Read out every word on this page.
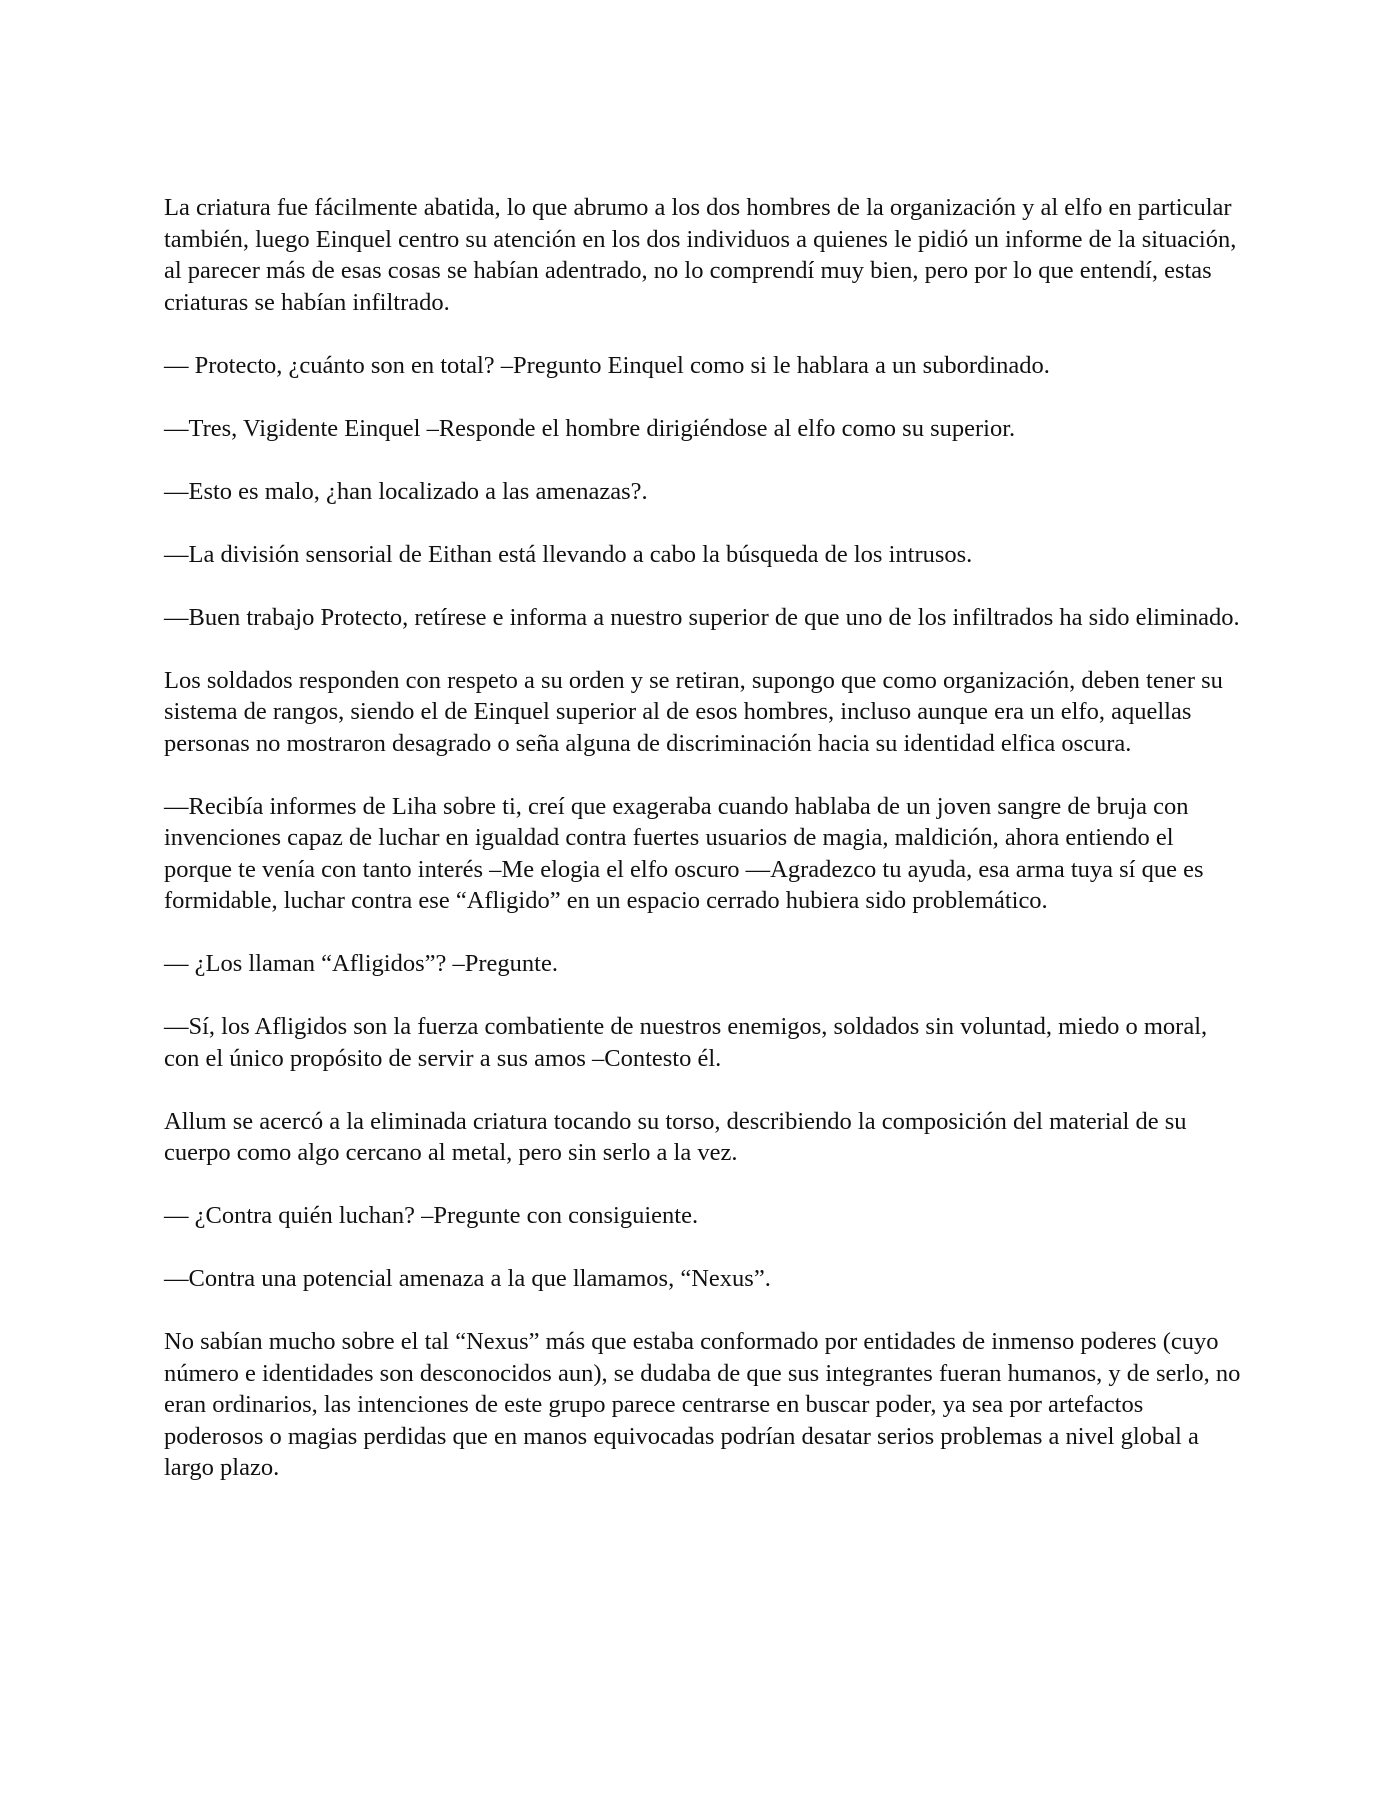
La criatura fue fácilmente abatida, lo que abrumo a los dos hombres de la organización y al elfo en particular también, luego Einquel centro su atención en los dos individuos a quienes le pidió un informe de la situación, al parecer más de esas cosas se habían adentrado, no lo comprendí muy bien, pero por lo que entendí, estas criaturas se habían infiltrado.

— Protecto, ¿cuánto son en total? –Pregunto Einquel como si le hablara a un subordinado.

—Tres, Vigidente Einquel –Responde el hombre dirigiéndose al elfo como su superior.

—Esto es malo, ¿han localizado a las amenazas?.

—La división sensorial de Eithan está llevando a cabo la búsqueda de los intrusos.

—Buen trabajo Protecto, retírese e informa a nuestro superior de que uno de los infiltrados ha sido eliminado.

Los soldados responden con respeto a su orden y se retiran, supongo que como organización, deben tener su sistema de rangos, siendo el de Einquel superior al de esos hombres, incluso aunque era un elfo, aquellas personas no mostraron desagrado o seña alguna de discriminación hacia su identidad elfica oscura.

—Recibía informes de Liha sobre ti, creí que exageraba cuando hablaba de un joven sangre de bruja con invenciones capaz de luchar en igualdad contra fuertes usuarios de magia, maldición, ahora entiendo el porque te venía con tanto interés –Me elogia el elfo oscuro —Agradezco tu ayuda, esa arma tuya sí que es formidable, luchar contra ese “Afligido” en un espacio cerrado hubiera sido problemático.

— ¿Los llaman “Afligidos”? –Pregunte.

—Sí, los Afligidos son la fuerza combatiente de nuestros enemigos, soldados sin voluntad, miedo o moral, con el único propósito de servir a sus amos –Contesto él.

Allum se acercó a la eliminada criatura tocando su torso, describiendo la composición del material de su cuerpo como algo cercano al metal, pero sin serlo a la vez.

— ¿Contra quién luchan? –Pregunte con consiguiente.

—Contra una potencial amenaza a la que llamamos, “Nexus”.

No sabían mucho sobre el tal “Nexus” más que estaba conformado por entidades de inmenso poderes (cuyo número e identidades son desconocidos aun), se dudaba de que sus integrantes fueran humanos, y de serlo, no eran ordinarios, las intenciones de este grupo parece centrarse en buscar poder, ya sea por artefactos poderosos o magias perdidas que en manos equivocadas podrían desatar serios problemas a nivel global a largo plazo.
